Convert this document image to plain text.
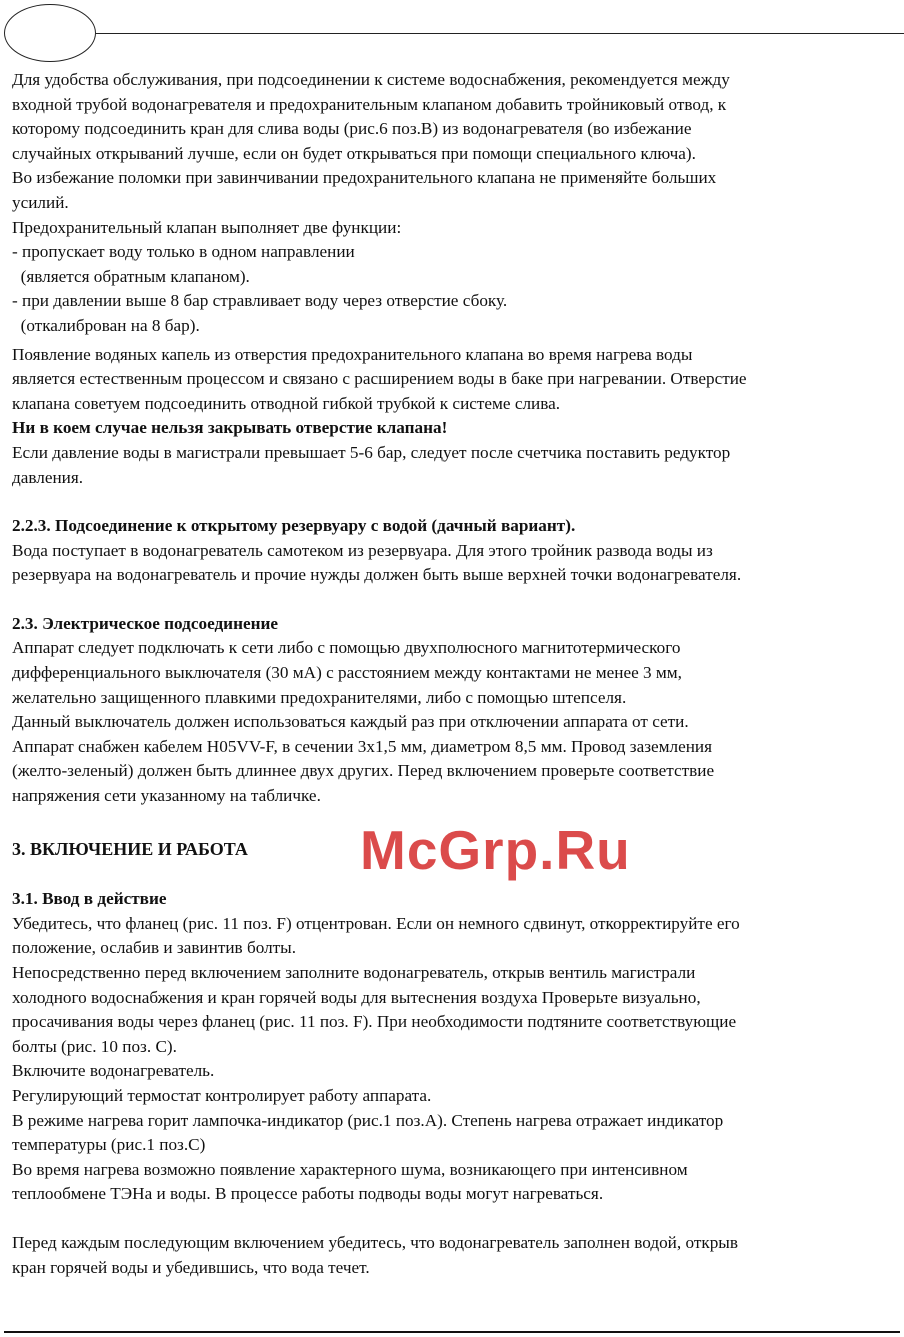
Для удобства обслуживания, при подсоединении к системе водоснабжения, рекомендуется между
входной трубой водонагревателя и предохранительным клапаном добавить тройниковый отвод, к
которому подсоединить кран для слива воды (рис.6 поз.В) из водонагревателя (во избежание
случайных открываний лучше, если он будет открываться при помощи специального ключа).
Во избежание поломки при завинчивании предохранительного клапана не применяйте больших
усилий.
Предохранительный клапан выполняет две функции:
- пропускает воду только в одном направлении
(является обратным клапаном).
- при давлении выше 8 бар стравливает воду через отверстие сбоку.
(откалиброван на 8 бар).
Появление водяных капель из отверстия предохранительного клапана во время нагрева воды
является естественным процессом и связано с расширением воды в баке при нагревании. Отверстие
клапана советуем подсоединить отводной гибкой трубкой к системе слива.
Ни в коем случае нельзя закрывать отверстие клапана!
Если давление воды в магистрали превышает 5-6 бар, следует после счетчика поставить редуктор
давления.
2.2.3. Подсоединение к открытому резервуару с водой (дачный вариант).
Вода поступает в водонагреватель самотеком из резервуара. Для этого тройник развода воды из
резервуара на водонагреватель и прочие нужды должен быть выше верхней точки водонагревателя.
2.3. Электрическое подсоединение
Аппарат следует подключать к сети либо с помощью двухполюсного магнитотермического
дифференциального выключателя (30 мА) с расстоянием между контактами не менее 3 мм,
желательно защищенного плавкими предохранителями, либо с помощью штепселя.
Данный выключатель должен использоваться каждый раз при отключении аппарата от сети.
Аппарат снабжен кабелем H05VV-F, в сечении 3х1,5 мм, диаметром 8,5 мм. Провод заземления
(желто-зеленый) должен быть длиннее двух других. Перед включением проверьте соответствие
напряжения сети указанному на табличке.
3. ВКЛЮЧЕНИЕ И РАБОТА
3.1. Ввод в действие
Убедитесь, что фланец (рис. 11 поз. F) отцентрован. Если он немного сдвинут, откорректируйте его
положение, ослабив и завинтив болты.
Непосредственно перед включением заполните водонагреватель, открыв вентиль магистрали
холодного водоснабжения и кран горячей воды для вытеснения воздуха Проверьте визуально,
просачивания воды через фланец (рис. 11 поз. F). При необходимости подтяните соответствующие
болты (рис. 10 поз. С).
Включите водонагреватель.
Регулирующий термостат контролирует работу аппарата.
В режиме нагрева горит лампочка-индикатор (рис.1 поз.А). Степень нагрева отражает индикатор
температуры (рис.1 поз.С)
Во время нагрева возможно появление характерного шума, возникающего при интенсивном
теплообмене ТЭНа и воды. В процессе работы подводы воды могут нагреваться.
Перед каждым последующим включением убедитесь, что водонагреватель заполнен водой, открыв
кран горячей воды и убедившись, что вода течет.
McGrp.Ru
